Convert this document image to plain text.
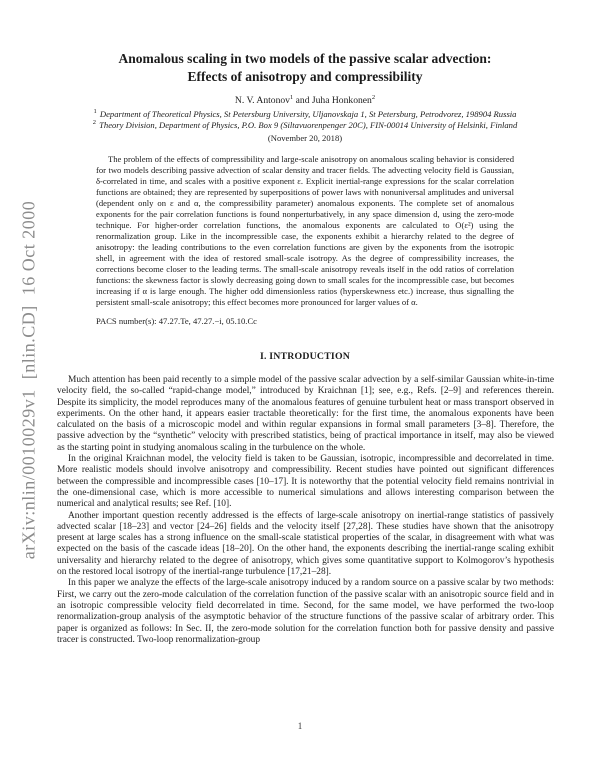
arXiv:nlin/0010029v1  [nlin.CD]  16 Oct 2000
Anomalous scaling in two models of the passive scalar advection:
Effects of anisotropy and compressibility
N. V. Antonov$^1$ and Juha Honkonen$^2$
$^1$ Department of Theoretical Physics, St Petersburg University, Uljanovskaja 1, St Petersburg, Petrodvorez, 198904 Russia
$^2$ Theory Division, Department of Physics, P.O. Box 9 (Siltavuorenpenger 20C), FIN-00014 University of Helsinki, Finland
(November 20, 2018)
The problem of the effects of compressibility and large-scale anisotropy on anomalous scaling behavior is considered for two models describing passive advection of scalar density and tracer fields. The advecting velocity field is Gaussian, δ-correlated in time, and scales with a positive exponent ε. Explicit inertial-range expressions for the scalar correlation functions are obtained; they are represented by superpositions of power laws with nonuniversal amplitudes and universal (dependent only on ε and α, the compressibility parameter) anomalous exponents. The complete set of anomalous exponents for the pair correlation functions is found nonperturbatively, in any space dimension d, using the zero-mode technique. For higher-order correlation functions, the anomalous exponents are calculated to O(ε²) using the renormalization group. Like in the incompressible case, the exponents exhibit a hierarchy related to the degree of anisotropy: the leading contributions to the even correlation functions are given by the exponents from the isotropic shell, in agreement with the idea of restored small-scale isotropy. As the degree of compressibility increases, the corrections become closer to the leading terms. The small-scale anisotropy reveals itself in the odd ratios of correlation functions: the skewness factor is slowly decreasing going down to small scales for the incompressible case, but becomes increasing if α is large enough. The higher odd dimensionless ratios (hyperskewness etc.) increase, thus signalling the persistent small-scale anisotropy; this effect becomes more pronounced for larger values of α.
PACS number(s): 47.27.Te, 47.27.−i, 05.10.Cc
I. INTRODUCTION

Much attention has been paid recently to a simple model of the passive scalar advection by a self-similar Gaussian white-in-time velocity field, the so-called “rapid-change model,” introduced by Kraichnan [1]; see, e.g., Refs. [2–9] and references therein. Despite its simplicity, the model reproduces many of the anomalous features of genuine turbulent heat or mass transport observed in experiments. On the other hand, it appears easier tractable theoretically: for the first time, the anomalous exponents have been calculated on the basis of a microscopic model and within regular expansions in formal small parameters [3–8]. Therefore, the passive advection by the “synthetic” velocity with prescribed statistics, being of practical importance in itself, may also be viewed as the starting point in studying anomalous scaling in the turbulence on the whole.

In the original Kraichnan model, the velocity field is taken to be Gaussian, isotropic, incompressible and decorrelated in time. More realistic models should involve anisotropy and compressibility. Recent studies have pointed out significant differences between the compressible and incompressible cases [10–17]. It is noteworthy that the potential velocity field remains nontrivial in the one-dimensional case, which is more accessible to numerical simulations and allows interesting comparison between the numerical and analytical results; see Ref. [10].

Another important question recently addressed is the effects of large-scale anisotropy on inertial-range statistics of passively advected scalar [18–23] and vector [24–26] fields and the velocity itself [27,28]. These studies have shown that the anisotropy present at large scales has a strong influence on the small-scale statistical properties of the scalar, in disagreement with what was expected on the basis of the cascade ideas [18–20]. On the other hand, the exponents describing the inertial-range scaling exhibit universality and hierarchy related to the degree of anisotropy, which gives some quantitative support to Kolmogorov’s hypothesis on the restored local isotropy of the inertial-range turbulence [17,21–28].

In this paper we analyze the effects of the large-scale anisotropy induced by a random source on a passive scalar by two methods: First, we carry out the zero-mode calculation of the correlation function of the passive scalar with an anisotropic source field and in an isotropic compressible velocity field decorrelated in time. Second, for the same model, we have performed the two-loop renormalization-group analysis of the asymptotic behavior of the structure functions of the passive scalar of arbitrary order. This paper is organized as follows: In Sec. II, the zero-mode solution for the correlation function both for passive density and passive tracer is constructed. Two-loop renormalization-group

1
